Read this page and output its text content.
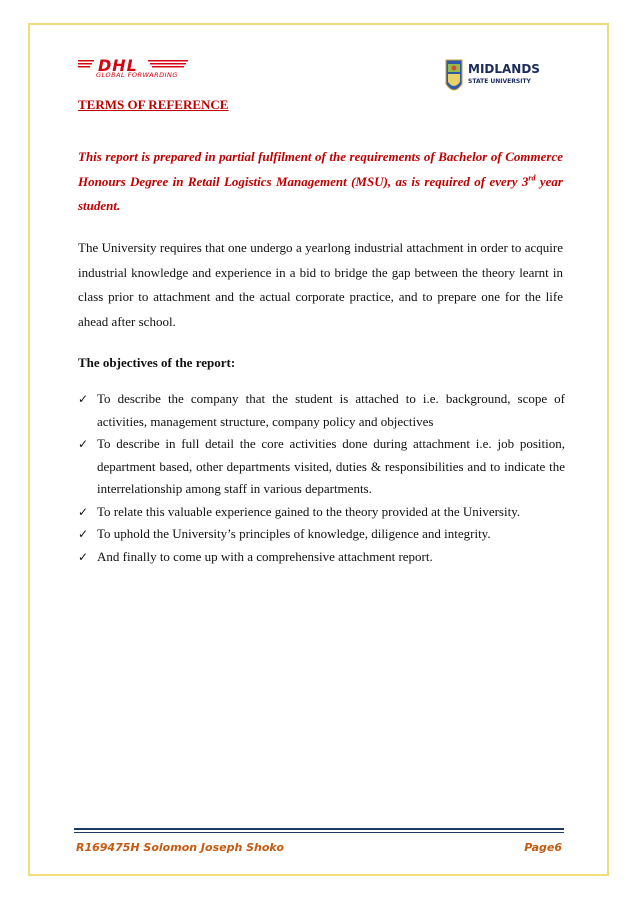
DHL
GLOBAL FORWARDING	MIDLANDS
STATE UNIVERSITY
TERMS OF REFERENCE
This report is prepared in partial fulfilment of the requirements of Bachelor of Commerce Honours Degree in Retail Logistics Management (MSU), as is required of every 3rd year student.
The University requires that one undergo a yearlong industrial attachment in order to acquire industrial knowledge and experience in a bid to bridge the gap between the theory learnt in class prior to attachment and the actual corporate practice, and to prepare one for the life ahead after school.
The objectives of the report:
✓ To describe the company that the student is attached to i.e. background, scope of activities, management structure, company policy and objectives
✓ To describe in full detail the core activities done during attachment i.e. job position, department based, other departments visited, duties & responsibilities and to indicate the interrelationship among staff in various departments.
✓ To relate this valuable experience gained to the theory provided at the University.
✓ To uphold the University’s principles of knowledge, diligence and integrity.
✓ And finally to come up with a comprehensive attachment report.
R169475H Solomon Joseph Shoko	Page6
